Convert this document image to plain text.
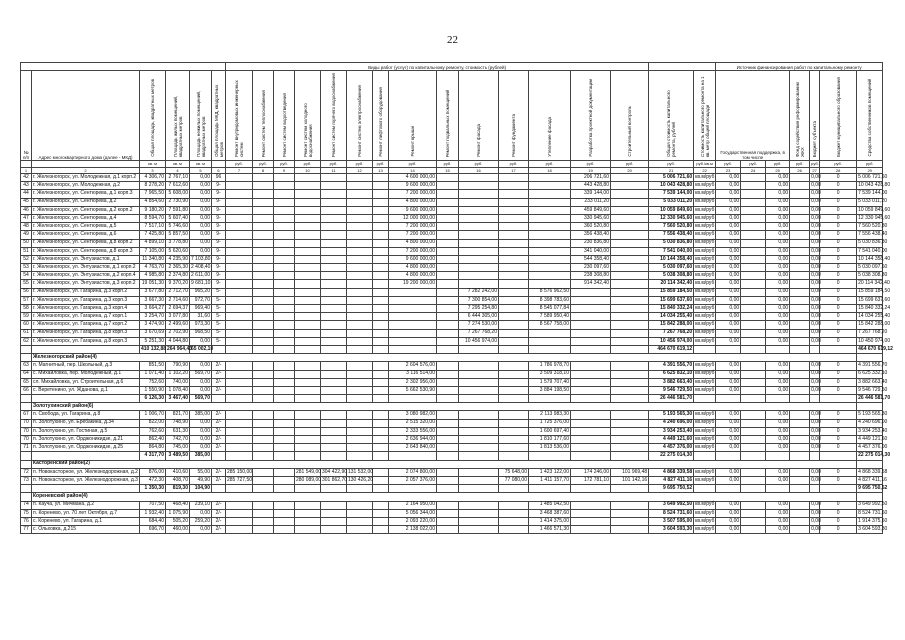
22
						Виды работ (услуг) по капитальному ремонту, стоимость (рублей)																Источник финансирования работ по капитальному ремонту						

№ п/п	Адрес многоквартирного дома (далее - МКД)	Общая площадь, квадратных метров	Площадь жилых помещений, квадратных метров	Площадь нежилых помещений, квадратных метров	Общая площадь МКД, квадратных метров	Ремонт внутридомовых инженерных систем	Ремонт систем теплоснабжения	Ремонт систем водоотведения	Ремонт систем холодного водоснабжения	Ремонт систем горячего водоснабжения	Ремонт систем электроснабжения	Ремонт лифтового оборудования	Ремонт крыши	Ремонт подвальных помещений	Ремонт фасада	Ремонт фундамента	Утепление фасада	Разработка проектной документации	Строительный контроль	Общая стоимость капитального ремонта, рублей	Стоимость капитального ремонта на 1 кв. метр общей площади	Государственная поддержка, в том числе			Фонд содействия реформированию ЖКХ	Бюджет субъекта	Бюджет муниципального образования	Средства собственников помещений
		кв. м	кв. м	кв. м		руб.	руб.	руб.	руб.	руб.	руб.	руб.	руб.	руб.	руб.	руб.	руб.	руб.	руб.	руб.	руб./кв.м	руб.	руб.	руб.	руб.	руб.	руб.	руб.
1	2	3	4	5	6	7	8	9	10	11	12	13	14	15	16	17	18	19	20	21	22	23	24	25	26	27	28	29
42	г. Железногорск, ул. Молодежная, д.1 корп.2	4 306,70	2 767,10	0,00	96								4 600 000,00					206 721,60		5 006 721,60	кв.м/руб	0,00		0,00		0,00	0	5 006 721,60
43	г. Железногорск, ул. Молодежная, д.2	8 278,20	7 612,60	0,00	9-								9 600 000,00					443 428,80		10 043 428,80	кв.м/руб	0,00		0,00		0,00	0	10 043 428,80
44	г. Железногорск, ул. Сентюрева, д.1 корп.3	7 965,50	5 608,00	0,00	9-								7 200 000,00					339 144,00		7 539 144,00	кв.м/руб	0,00		0,00		0,00	0	7 539 144,00
45	г. Железногорск, ул. Сентюрева, д.2	4 854,60	2 730,90	0,00	9-								4 800 000,00					233 011,20		5 033 011,20	кв.м/руб	0,00		0,00		0,00	0	5 033 011,20
46	г. Железногорск, ул. Сентюрева, д.2 корп.2	9 180,20	7 591,80	0,00	9-								9 600 000,00					459 849,60		10 059 849,60	кв.м/руб	0,00		0,00		0,00	0	10 059 849,60
47	г. Железногорск, ул. Сентюрева, д.4	8 594,70	5 607,40	0,00	9-								12 000 000,00					330 945,60		12 330 945,60	кв.м/руб	0,00		0,00		0,00	0	12 330 945,60
48	г. Железногорск, ул. Сентюрева, д.5	7 517,10	5 746,60	0,00	9-								7 200 000,00					360 520,80		7 560 520,80	кв.м/руб	0,00		0,00		0,00	0	7 560 520,80
49	г. Железногорск, ул. Сентюрева, д.6	7 425,80	5 857,50	0,00	9-								7 200 000,00					356 438,40		7 556 438,40	кв.м/руб	0,00		0,00		0,00	0	7 556 438,40
50	г. Железногорск, ул. Сентюрева, д.8 корп.2	4 899,10	3 778,80	0,00	9-								4 800 000,00					230 836,80		5 030 836,80	кв.м/руб	0,00		0,00		0,00	0	5 030 836,80
51	г. Железногорск, ул. Сентюрева, д.8 корп.3	7 105,00	5 620,60	0,00	9-								7 200 000,00					341 040,00		7 541 040,00	кв.м/руб	0,00		0,00		0,00	0	7 541 040,00
52	г. Железногорск, ул. Энтузиастов, д.1	11 340,80	4 235,90	7 103,80	9-								9 600 000,00					544 358,40		10 144 358,40	кв.м/руб	0,00		0,00		0,00	0	10 144 358,40
53	г. Железногорск, ул. Энтузиастов, д.1 корп.2	4 763,70	2 365,30	2 408,40	9-								4 800 000,00					230 097,60		5 030 097,60	кв.м/руб	0,00		0,00		0,00	0	5 030 097,60
54	г. Железногорск, ул. Энтузиастов, д.2 корп.4	4 985,80	2 374,80	2 611,00	9-								4 800 000,00					238 308,80		5 038 308,80	кв.м/руб	0,00		0,00		0,00	0	5 038 308,80
55	г. Железногорск, ул. Энтузиастов, д.3 корп.2	19 051,30	9 370,20	9 681,10	9-								19 200 000,00					914 342,40		20 114 342,40	кв.м/руб	0,00		0,00		0,00	0	20 114 342,40
56	г. Железногорск, ул. Гагарина, д.3 корп.2	3 677,80	2 712,70	965,20	5-										7 282 242,00		8 576 962,50			15 859 184,50	кв.м/руб	0,00		0,00		0,00	0	15 859 184,50
57	г. Железногорск, ул. Гагарина, д.3 корп.3	3 667,30	2 714,60	972,70	5-										7 300 854,00		8 398 783,60			15 699 637,60	кв.м/руб	0,00		0,00		0,00	0	15 699 637,60
58	г. Железногорск, ул. Гагарина, д.3 корп.4	3 664,27	2 694,37	969,40	5-										7 295 254,80		8 545 077,84			15 840 332,24	кв.м/руб	0,00		0,00		0,00	0	15 840 332,24
59	г. Железногорск, ул. Гагарина, д.7 корп.1	3 254,70	3 077,80	31,60	5-										6 444 305,00		7 589 950,40			14 034 255,40	кв.м/руб	0,00		0,00		0,00	0	14 034 255,40
60	г. Железногорск, ул. Гагарина, д.7 корп.2	3 474,90	2 499,60	973,30	5-										7 274 530,00		8 567 758,00			15 842 288,00	кв.м/руб	0,00		0,00		0,00	0	15 842 288,00
61	г. Железногорск, ул. Гагарина, д.8 корп.3	3 670,69	2 702,90	968,50	5-										7 267 768,20					7 267 768,20	кв.м/руб	0,00		0,00		0,00	0	7 267 768,20
62	г. Железногорск, ул. Гагарина, д.8 корп.3	5 251,30	4 044,80	0,00	5-										10 456 974,00					10 456 974,00	кв.м/руб	0,00		0,00		0,00	0	10 450 974,00
		410 132,88	264 964,43	65 002,10																464 670 619,12								464 670 619,12
	Железногорский район(4)																											
63	п. Магнитный, пер. Школьный, д.3	851,50	790,90	0,00	2/-								2 604 576,00				1 786 978,70			4 391 556,70	кв.м/руб	0,00		0,00		0,00	0	4 391 556,70
64	с. Михайловка, пер. Молодежный, д.1	1 071,40	1 102,20	569,70	2/-								3 116 514,00				3 509 318,10			6 625 832,10	кв.м/руб	0,00		0,00		0,00	0	6 625 332,10
65	сл. Михайловка, ул. Строительная, д.6	752,60	740,00	0,00	2/-								2 302 956,00				1 579 707,40			3 882 663,40	кв.м/руб	0,00		0,00		0,00	0	3 882 663,40
66	с. Веретенино, ул. Жданова, д.1	1 550,90	1 078,40	0,00	2/-								5 662 530,90				3 884 198,50			9 546 729,50	кв.м/руб	0,00		0,00		0,00	0	9 546 729,50
		6 126,30	3 467,40	569,70																26 446 581,70								26 446 581,70
	Золотухинский район(6)																											
67	п. Свобода, ул. Гагарина, д.8	1 006,70	821,70	385,00	2/-								3 080 982,00				2 113 983,30			5 193 565,30	кв.м/руб	0,00		0,00		0,00	0	5 193 565,30
70	п. Золотухино, ул. Ерёбакина, д.34	822,00	748,90	0,00	2/-								2 515 320,00				1 725 376,00			4 240 696,00	кв.м/руб	0,00		0,00		0,00	0	4 240 696,00
70	п. Золотухино, ул. Гостиная, д.5	762,60	631,30	0,00	2/-								2 333 556,00				1 600 697,40			3 934 253,40	кв.м/руб	0,00		0,00		0,00	0	3 934 253,40
70	п. Золотухино, ул. Орджоникидзе, д.21	862,40	742,70	0,00	2/-								2 636 944,00				1 810 177,60			4 449 121,60	кв.м/руб	0,00		0,00		0,00	0	4 449 121,60
71	п. Золотухино, ул. Орджоникидзе, д.25	864,80	745,00	0,00	2/-								2 643 840,00				1 813 536,00			4 457 376,00	кв.м/руб	0,00		0,00		0,00	0	4 457 376,00
		4 317,70	3 489,50	385,00																22 275 014,30								22 275 014,30
	Касторенский район(2)																											
72	п. Новокасторное, ул. Железнодорожная, д.2	876,00	410,60	55,00	2/-	285 150,00			281 549,00	304 422,90	131 532,00		2 074 800,00			75 648,00	1 423 122,00	174 246,00	101 969,48	4 868 339,58	кв.м/руб	0,00		0,00		0,00	0	4 868 339,58
73	п. Новокасторное, ул. Железнодорожная, д.3	472,30	408,70	49,90	2/-	285 727,50			280 089,00	301 862,70	130 426,20		2 057 376,00			77 080,00	1 411 157,70	172 781,10	101 142,16	4 827 411,16	кв.м/руб	0,00		0,00		0,00	0	4 827 411,16
		1 350,30	819,30	104,90																9 695 750,52								9 695 750,52
	Кореневский район(4)																											
74	п. Кауча, ул. Мичмана, д.2	707,50	468,40	239,10	2/-								2 164 950,00				1 485 042,50			3 649 992,50	кв.м/руб	0,00		0,00		0,00	0	3 649 992,50
75	п. Коренево, ул. 70 лет Октября, д.7	1 932,40	1 075,90	0,00	2/-								5 056 344,00				3 468 387,60			8 524 731,60	кв.м/руб	0,00		0,00		0,00	0	8 524 731,60
76	с. Коренево, ул. Гагарина, д.1	684,40	505,20	259,20	2/-								2 093 220,00				1 414 375,00			3 507 595,00	кв.м/руб	0,00		0,00		0,00	0	1 914 375,60
77	с. Ольховка, д.215	696,70	460,00	0,00	2/-								2 138 022,00				1 466 571,30			3 604 593,30	кв.м/руб	0,00		0,00		0,00	0	3 604 593,30
